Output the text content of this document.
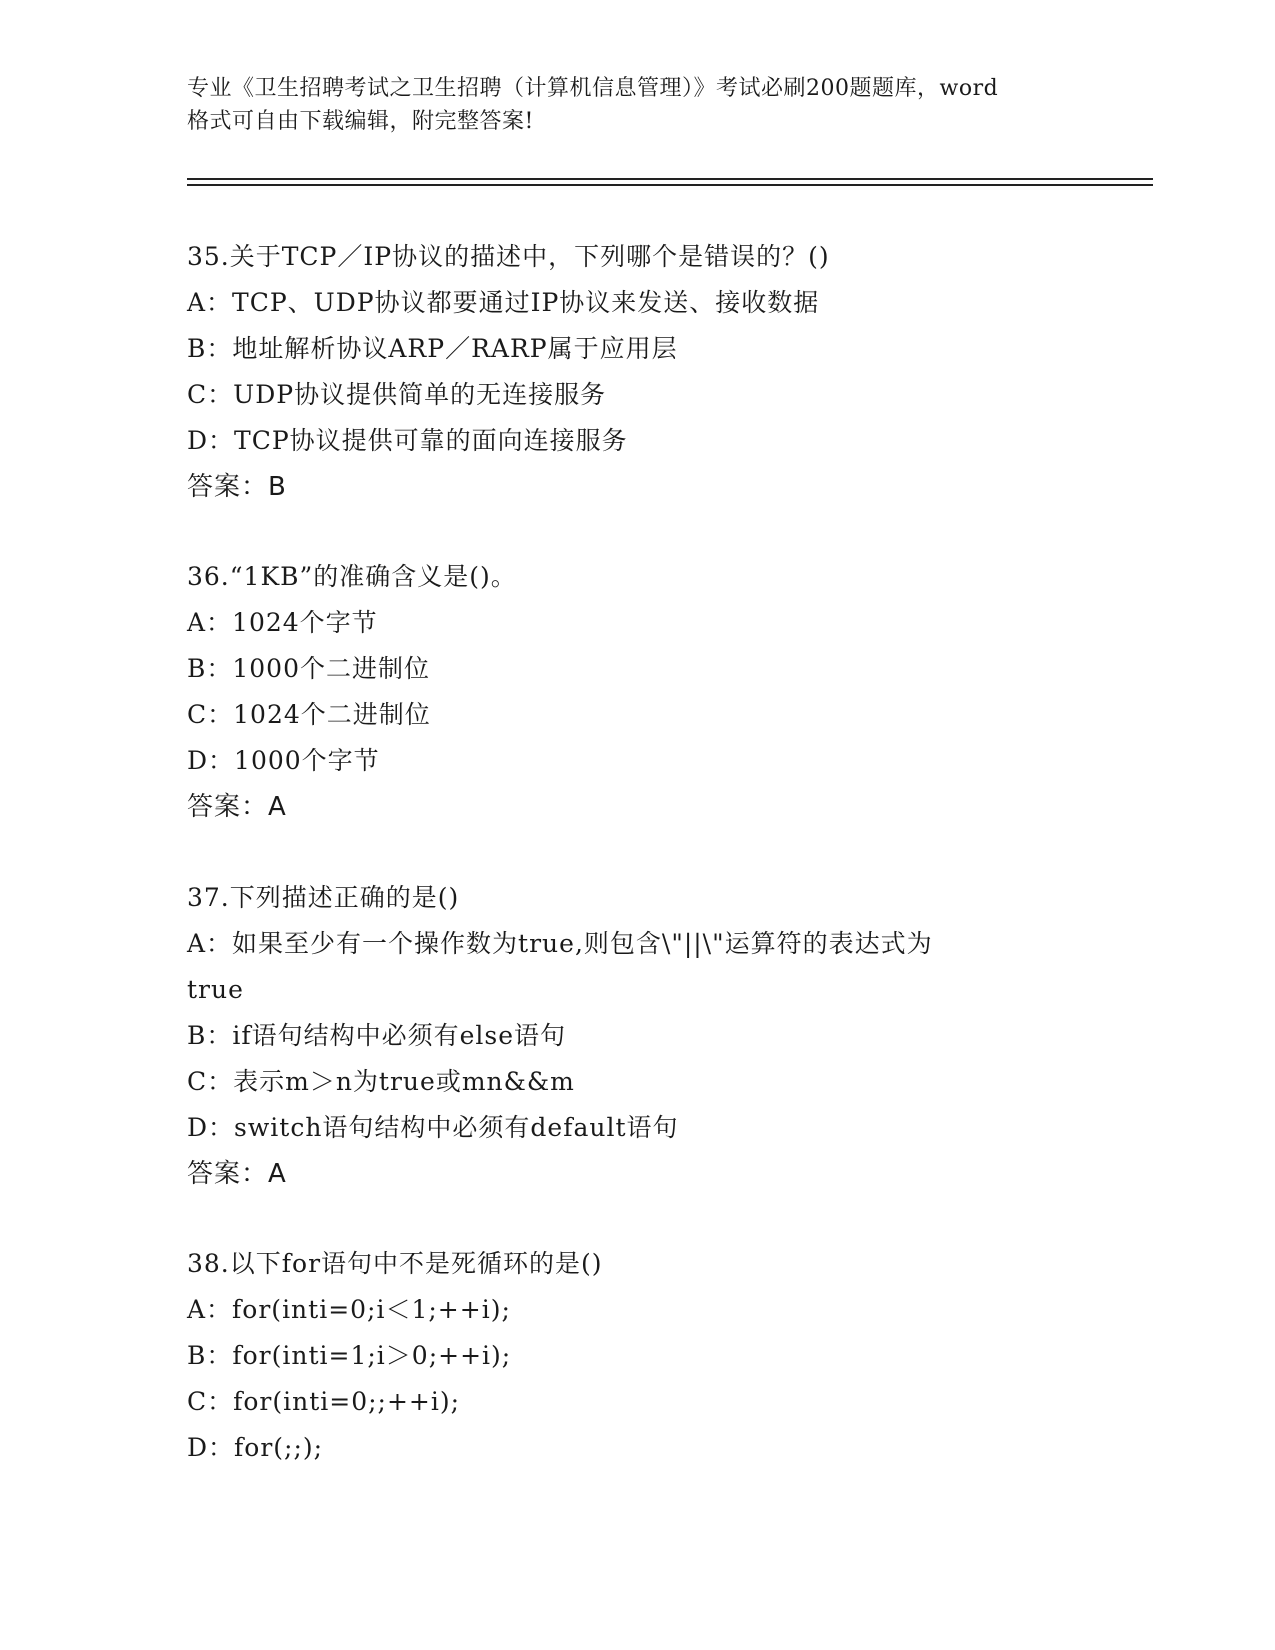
专业《卫生招聘考试之卫生招聘（计算机信息管理）》考试必刷200题题库，word
格式可自由下载编辑，附完整答案!
35.关于TCP／IP协议的描述中，下列哪个是错误的？()
A：TCP、UDP协议都要通过IP协议来发送、接收数据
B：地址解析协议ARP／RARP属于应用层
C：UDP协议提供简单的无连接服务
D：TCP协议提供可靠的面向连接服务
答案：B
36.“1KB”的准确含义是()。
A：1024个字节
B：1000个二进制位
C：1024个二进制位
D：1000个字节
答案：A
37.下列描述正确的是()
A：如果至少有一个操作数为true,则包含\"||\"运算符的表达式为
true
B：if语句结构中必须有else语句
C：表示m＞n为true或mn&&m
D：switch语句结构中必须有default语句
答案：A
38.以下for语句中不是死循环的是()
A：for(inti=0;i＜1;++i);
B：for(inti=1;i＞0;++i);
C：for(inti=0;;++i);
D：for(;;);
